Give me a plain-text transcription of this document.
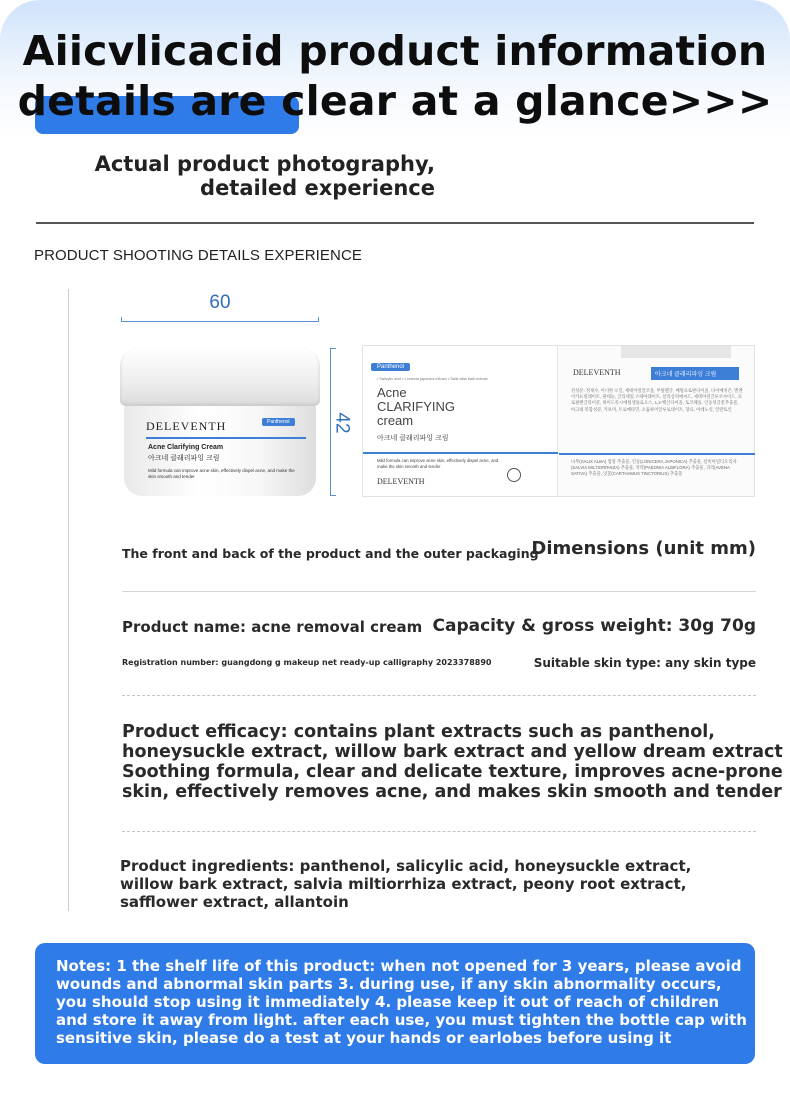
Aiicvlicacid product information
details are clear at a glance>>>
Actual product photography,
detailed experience
PRODUCT SHOOTING DETAILS EXPERIENCE
60
42
DELEVENTH	Panthenol
Acne Clarifying Cream
아크네 클래리파잉 크림
Mild formula can improve acne skin, effectively dispel acne, and make the skin smooth and tender
Panthenol
• Salicylic acid • Lonicera japonica extract • Salix alba bark extract
Acne
CLARIFYING
cream
아크네 클래리파잉 크림
Mild formula can improve acne skin, effectively dispel acne, and make the skin smooth and tender
DELEVENTH
DELEVENTH	아크네 클래리파잉 크림
전성분: 정제수, 이너한 오일, 세테아릴알코올, 부틸렌글, 메틸프로판다이올, 다이메치콘, 멜엔이카프릴레이트, 판테놀, 글리세릴 스테아레이트, 살리실릭애씨드, 세테아릴글루코사이드, 프로필렌글라이콜, 하이드록시에틸셀룰로오스, 1,2-헥산다이올, 토코페롤, 인동덩굴꽃추출물, 아크네 복합성분, 카보머, 트로메타민, 소듐하이알루로네이트, 향료, 아데노신, 알란토인
나무(SALIX ALBA) 껍질 추출물, 인동(LONICERA JAPONICA) 추출물, 살비아밀티오리자(SALVIA MILTIORRHIZA) 추출물, 작약(PAEONIA ALBIFLORA) 추출물, 귀리(AVENA SATIVA) 추출물, 잇꽃(CARTHAMUS TINCTORIUS) 추출물
The front and back of the product and the outer packaging
Dimensions (unit mm)
Product name: acne removal cream Capacity & gross weight: 30g 70g
Registration number: guangdong g makeup net ready-up calligraphy 2023378890	Suitable skin type: any skin type
Product efficacy: contains plant extracts such as panthenol,
honeysuckle extract, willow bark extract and yellow dream extract
Soothing formula, clear and delicate texture, improves acne-prone
skin, effectively removes acne, and makes skin smooth and tender
Product ingredients: panthenol, salicylic acid, honeysuckle extract,
willow bark extract, salvia miltiorrhiza extract, peony root extract,
safflower extract, allantoin
Notes: 1 the shelf life of this product: when not opened for 3 years, please avoid
wounds and abnormal skin parts 3. during use, if any skin abnormality occurs,
you should stop using it immediately 4. please keep it out of reach of children
and store it away from light. after each use, you must tighten the bottle cap with
sensitive skin, please do a test at your hands or earlobes before using it
